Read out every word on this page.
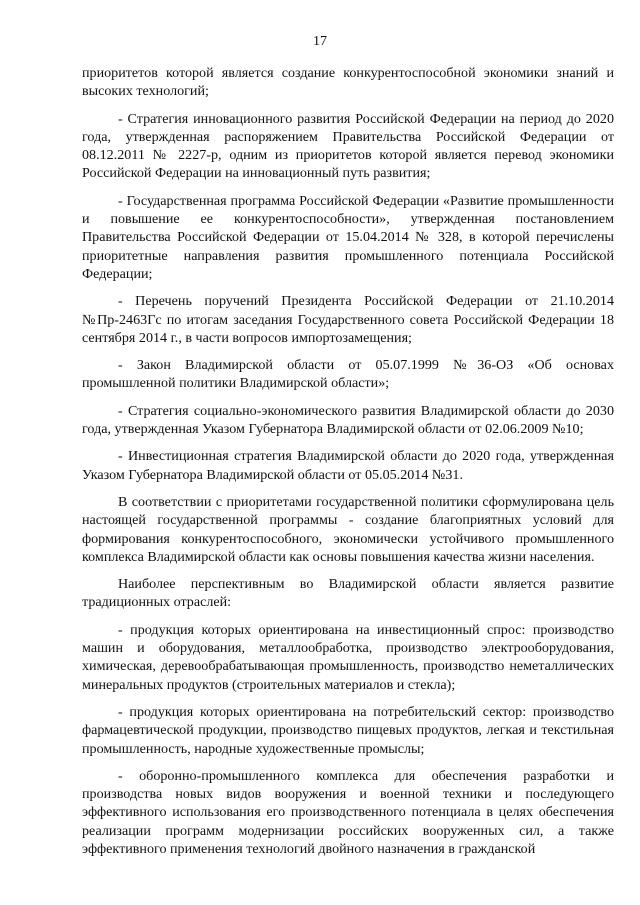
17

приоритетов которой является создание конкурентоспособной экономики знаний и высоких технологий;

- Стратегия инновационного развития Российской Федерации на период до 2020 года, утвержденная распоряжением Правительства Российской Федерации от 08.12.2011 № 2227-р, одним из приоритетов которой является перевод экономики Российской Федерации на инновационный путь развития;

- Государственная программа Российской Федерации «Развитие промышленности и повышение ее конкурентоспособности», утвержденная постановлением Правительства Российской Федерации от 15.04.2014 № 328, в которой перечислены приоритетные направления развития промышленного потенциала Российской Федерации;

- Перечень поручений Президента Российской Федерации от 21.10.2014 №Пр-2463Гс по итогам заседания Государственного совета Российской Федерации 18 сентября 2014 г., в части вопросов импортозамещения;

- Закон Владимирской области от 05.07.1999 №36-ОЗ «Об основах промышленной политики Владимирской области»;

- Стратегия социально-экономического развития Владимирской области до 2030 года, утвержденная Указом Губернатора Владимирской области от 02.06.2009 №10;

- Инвестиционная стратегия Владимирской области до 2020 года, утвержденная Указом Губернатора Владимирской области от 05.05.2014 №31.

В соответствии с приоритетами государственной политики сформулирована цель настоящей государственной программы - создание благоприятных условий для формирования конкурентоспособного, экономически устойчивого промышленного комплекса Владимирской области как основы повышения качества жизни населения.

Наиболее перспективным во Владимирской области является развитие традиционных отраслей:

- продукция которых ориентирована на инвестиционный спрос: производство машин и оборудования, металлообработка, производство электрооборудования, химическая, деревообрабатывающая промышленность, производство неметаллических минеральных продуктов (строительных материалов и стекла);

- продукция которых ориентирована на потребительский сектор: производство фармацевтической продукции, производство пищевых продуктов, легкая и текстильная промышленность, народные художественные промыслы;

- оборонно-промышленного комплекса для обеспечения разработки и производства новых видов вооружения и военной техники и последующего эффективного использования его производственного потенциала в целях обеспечения реализации программ модернизации российских вооруженных сил, а также эффективного применения технологий двойного назначения в гражданской
